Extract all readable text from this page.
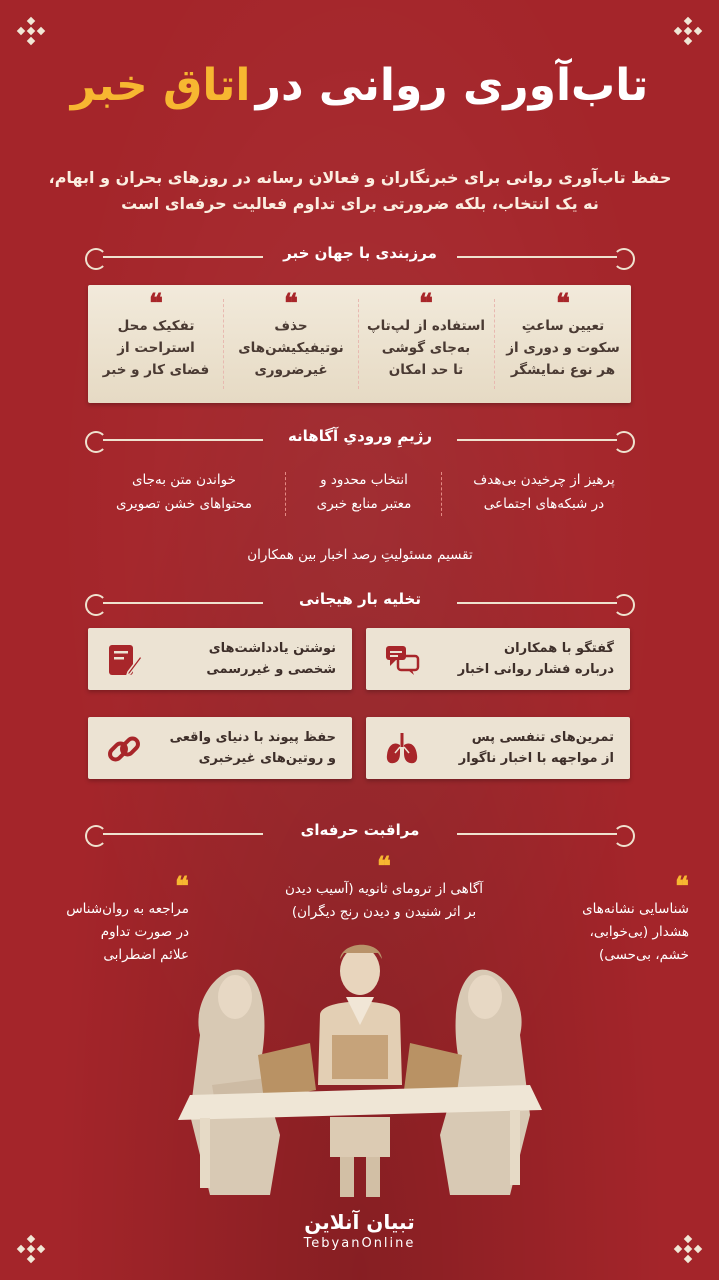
تاب‌آوری روانی در اتاق خبر
حفظ تاب‌آوری روانی برای خبرنگاران و فعالان رسانه در روزهای بحران و ابهام،
نه یک انتخاب، بلکه ضرورتی برای تداوم فعالیت حرفه‌ای است
مرزبندی با جهان خبر
❝
تعیین ساعتِ
سکوت و دوری از
هر نوع نمایشگر
❝
استفاده از لپ‌تاپ
به‌جای گوشی
تا حد امکان
❝
حذف
نوتیفیکیشن‌های
غیرضروری
❝
تفکیک محل
استراحت از
فضای کار و خبر
رژیمِ ورودیِ آگاهانه
پرهیز از چرخیدن بی‌هدف
در شبکه‌های اجتماعی
انتخاب محدود و
معتبر منابع خبری
خواندن متن به‌جای
محتواهای خشن تصویری
تقسیم مسئولیتِ رصد اخبار بین همکاران
تخلیه بار هیجانی
گفتگو با همکاران
درباره فشار روانی اخبار
نوشتن یادداشت‌های
شخصی و غیررسمی
تمرین‌های تنفسی پس
از مواجهه با اخبار ناگوار
حفظ پیوند با دنیای واقعی
و روتین‌های غیرخبری
مراقبت حرفه‌ای
❝
شناسایی نشانه‌های
هشدار (بی‌خوابی،
خشم، بی‌حسی)
❝
آگاهی از ترومای ثانویه (آسیب دیدن
بر اثر شنیدن و دیدن رنج دیگران)
❝
مراجعه به روان‌شناس
در صورت تداوم
علائم اضطرابی
تبیان آنلاین
TebyanOnline
